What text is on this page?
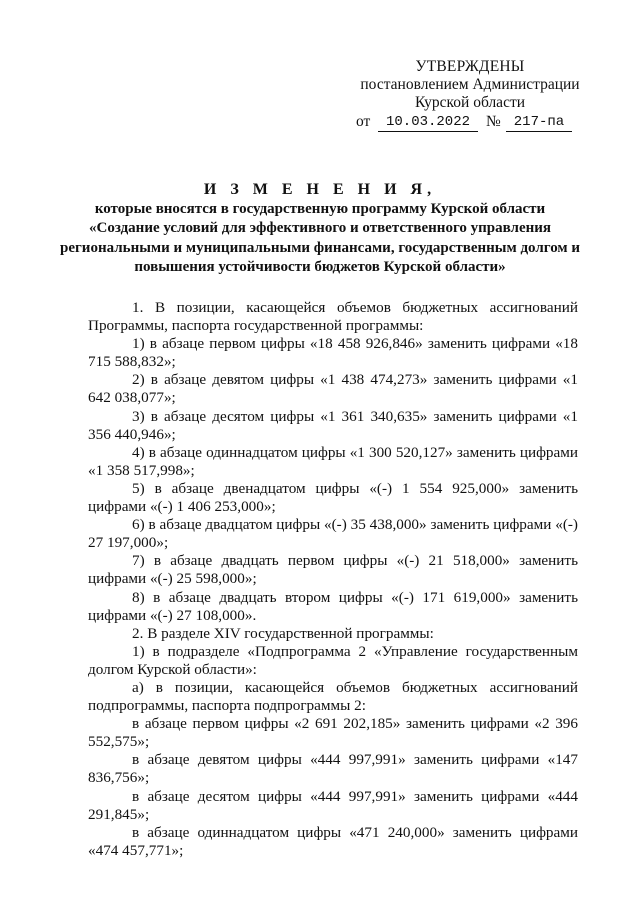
УТВЕРЖДЕНЫ
постановлением Администрации
Курской области
от	10.03.2022	№ 217-па
И З М Е Н Е Н И Я,
которые вносятся в государственную программу Курской области «Создание условий для эффективного и ответственного управления региональными и муниципальными финансами, государственным долгом и повышения устойчивости бюджетов Курской области»

1. В позиции, касающейся объемов бюджетных ассигнований Программы, паспорта государственной программы:

1) в абзаце первом цифры «18 458 926,846» заменить цифрами «18 715 588,832»;

2) в абзаце девятом цифры «1 438 474,273» заменить цифрами «1 642 038,077»;

3) в абзаце десятом цифры «1 361 340,635» заменить цифрами «1 356 440,946»;

4) в абзаце одиннадцатом цифры «1 300 520,127» заменить цифрами «1 358 517,998»;

5) в абзаце двенадцатом цифры «(-) 1 554 925,000» заменить цифрами «(-) 1 406 253,000»;

6) в абзаце двадцатом цифры «(-) 35 438,000» заменить цифрами «(-) 27 197,000»;

7) в абзаце двадцать первом цифры «(-) 21 518,000» заменить цифрами «(-) 25 598,000»;

8) в абзаце двадцать втором цифры «(-) 171 619,000» заменить цифрами «(-) 27 108,000».

2. В разделе XIV государственной программы:

1) в подразделе «Подпрограмма 2 «Управление государственным долгом Курской области»:

а) в позиции, касающейся объемов бюджетных ассигнований подпрограммы, паспорта подпрограммы 2:

в абзаце первом цифры «2 691 202,185» заменить цифрами «2 396 552,575»;

в абзаце девятом цифры «444 997,991» заменить цифрами «147 836,756»;

в абзаце десятом цифры «444 997,991» заменить цифрами «444 291,845»;

в абзаце одиннадцатом цифры «471 240,000» заменить цифрами «474 457,771»;
